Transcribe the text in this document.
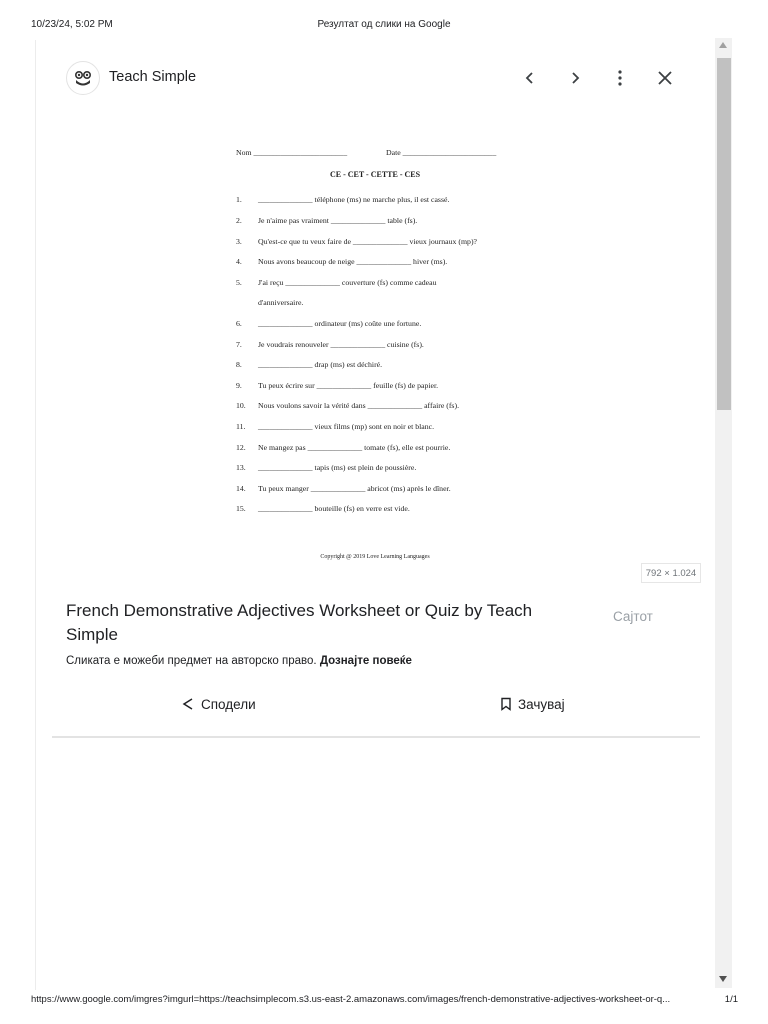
10/23/24, 5:02 PM	Резултат од слики на Google
Teach Simple
Nom ________________________	Date ________________________
CE - CET - CETTE - CES
1. ______________ téléphone (ms) ne marche plus, il est cassé.
2. Je n'aime pas vraiment ______________ table (fs).
3. Qu'est-ce que tu veux faire de ______________ vieux journaux (mp)?
4. Nous avons beaucoup de neige ______________ hiver (ms).
5. J'ai reçu ______________ couverture (fs) comme cadeau
d'anniversaire.
6. ______________ ordinateur (ms) coûte une fortune.
7. Je voudrais renouveler ______________ cuisine (fs).
8. ______________ drap (ms) est déchiré.
9. Tu peux écrire sur ______________ feuille (fs) de papier.
10. Nous voulons savoir la vérité dans ______________ affaire (fs).
11. ______________ vieux films (mp) sont en noir et blanc.
12. Ne mangez pas ______________ tomate (fs), elle est pourrie.
13. ______________ tapis (ms) est plein de poussière.
14. Tu peux manger ______________ abricot (ms) après le dîner.
15. ______________ bouteille (fs) en verre est vide.
Copyright @ 2019 Love Learning Languages
792 × 1.024
French Demonstrative Adjectives Worksheet or Quiz by Teach Simple
Сајтот
Сликата е можеби предмет на авторско право. Дознајте повеќе
Сподели	Зачувај
https://www.google.com/imgres?imgurl=https://teachsimplecom.s3.us-east-2.amazonaws.com/images/french-demonstrative-adjectives-worksheet-or-q...	1/1
